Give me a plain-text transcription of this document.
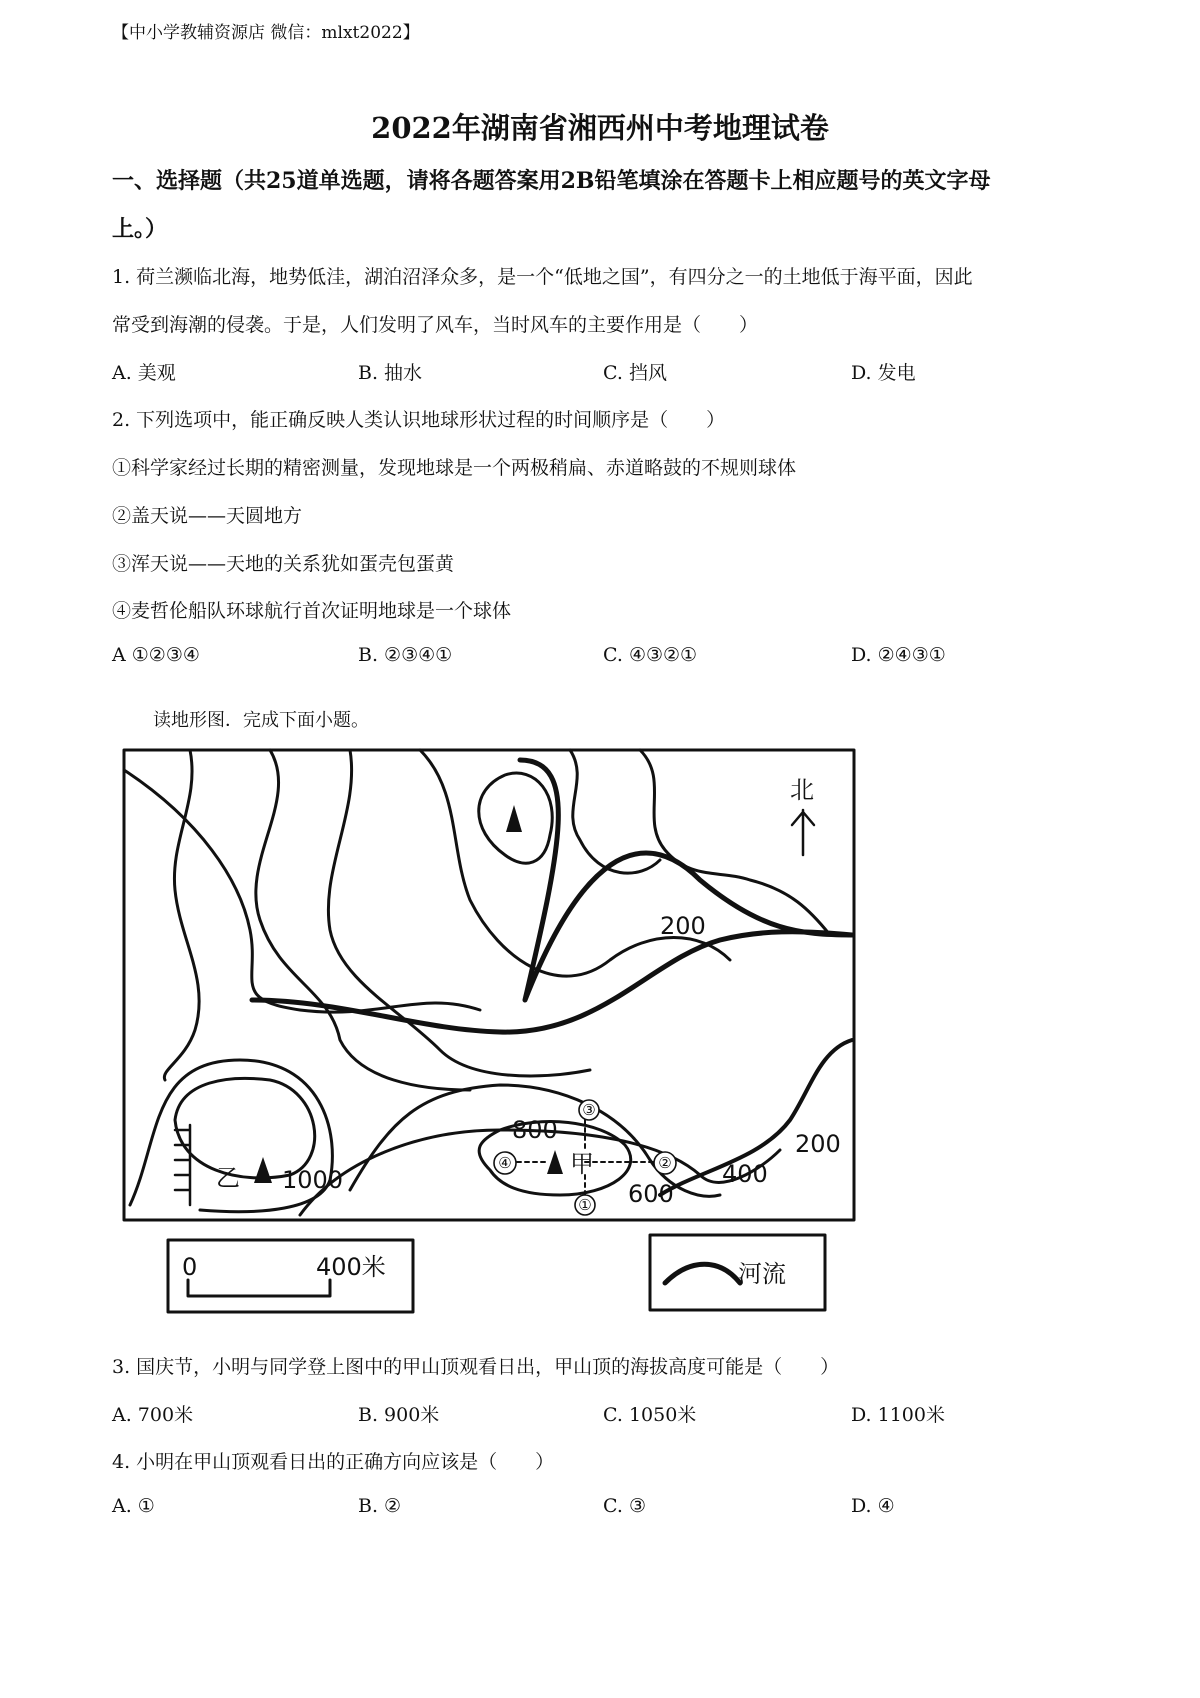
【中小学教辅资源店 微信：mlxt2022】
2022年湖南省湘西州中考地理试卷
一、选择题（共25道单选题，请将各题答案用2B铅笔填涂在答题卡上相应题号的英文字母
上。）
1. 荷兰濒临北海，地势低洼，湖泊沼泽众多，是一个“低地之国”，有四分之一的土地低于海平面，因此
常受到海潮的侵袭。于是，人们发明了风车，当时风车的主要作用是（　　）
A. 美观	B. 抽水	C. 挡风	D. 发电
2. 下列选项中，能正确反映人类认识地球形状过程的时间顺序是（　　）
①科学家经过长期的精密测量，发现地球是一个两极稍扁、赤道略鼓的不规则球体
②盖天说——天圆地方
③浑天说——天地的关系犹如蛋壳包蛋黄
④麦哲伦船队环球航行首次证明地球是一个球体
A ①②③④	B. ②③④①	C. ④③②①	D. ②④③①
读地形图．完成下面小题。
北
200
200
400
600
800
1000
甲
乙
0	400米	河流
③
②
④
①
3. 国庆节，小明与同学登上图中的甲山顶观看日出，甲山顶的海拔高度可能是（　　）
A. 700米	B. 900米	C. 1050米	D. 1100米
4. 小明在甲山顶观看日出的正确方向应该是（　　）
A. ①	B. ②	C. ③	D. ④
